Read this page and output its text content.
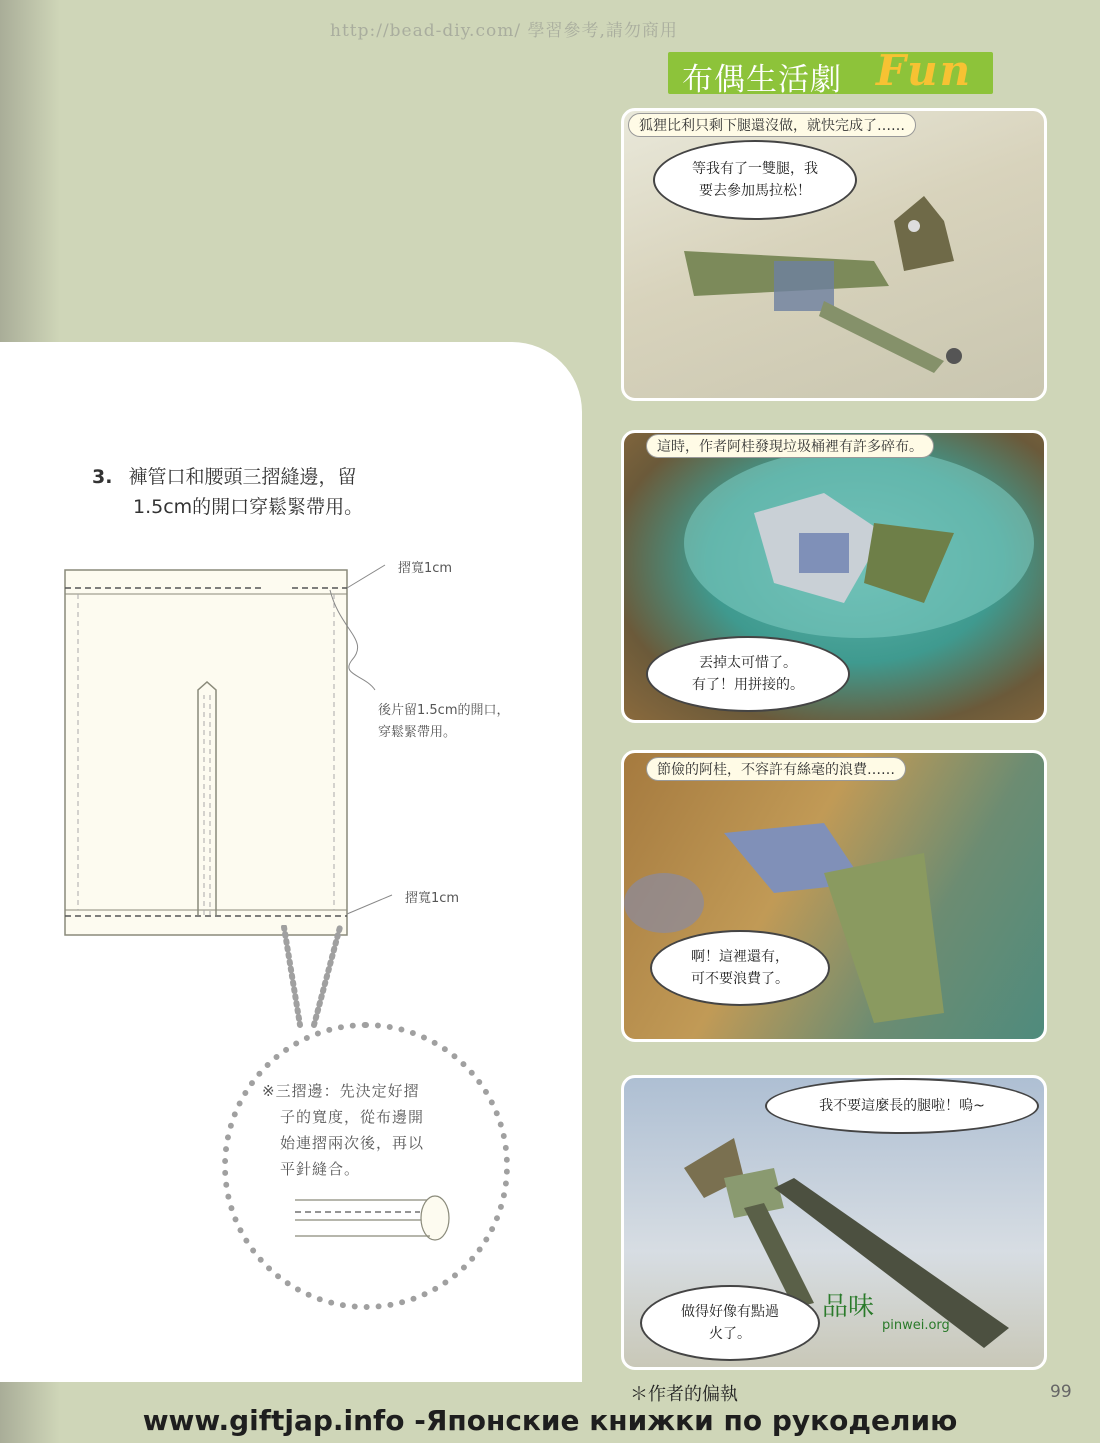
http://bead-diy.com/ 學習參考,請勿商用
布偶生活劇 Fun
3. 褲管口和腰頭三摺縫邊，留
1.5cm的開口穿鬆緊帶用。
摺寬1cm
後片留1.5cm的開口，
穿鬆緊帶用。
摺寬1cm
※三摺邊：先決定好摺
子的寬度，從布邊開
始連摺兩次後，再以
平針縫合。
狐狸比利只剩下腿還沒做，就快完成了……
等我有了一雙腿，我
要去參加馬拉松！
這時，作者阿桂發現垃圾桶裡有許多碎布。
丟掉太可惜了。
有了！用拼接的。
節儉的阿桂，不容許有絲毫的浪費……
啊！這裡還有，
可不要浪費了。
我不要這麼長的腿啦！嗚~
做得好像有點過
火了。
品味
pinwei.org
＊作者的偏執	99
www.giftjap.info -Японские книжки по рукоделию
